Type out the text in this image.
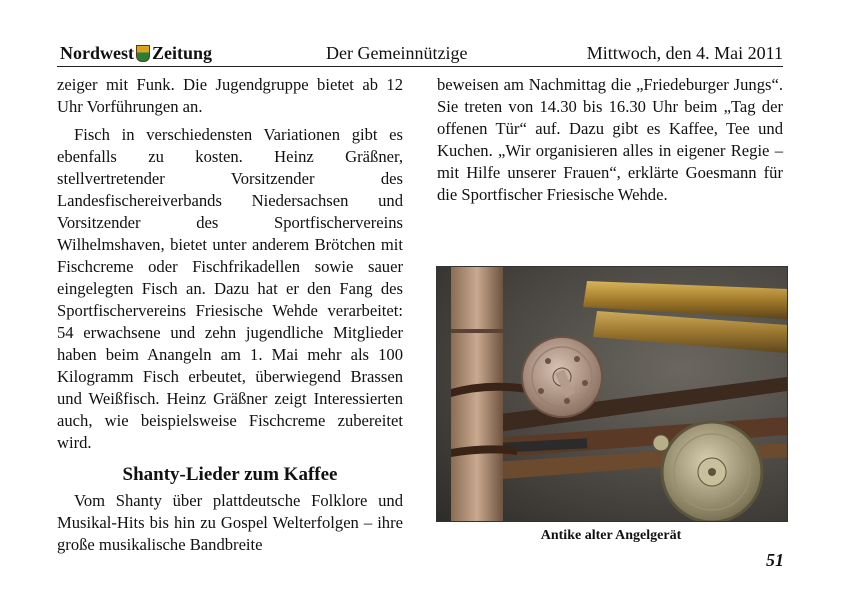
Nordwest Zeitung	Der Gemeinnützige	Mittwoch, den 4. Mai 2011

zeiger mit Funk. Die Jugendgruppe bietet ab 12 Uhr Vorführungen an.

Fisch in verschiedensten Variationen gibt es ebenfalls zu kosten. Heinz Gräßner, stellvertretender Vorsitzender des Landesfischereiverbands Niedersachsen und Vorsitzender des Sportfischervereins Wilhelmshaven, bietet unter anderem Brötchen mit Fischcreme oder Fischfrikadellen sowie sauer eingelegten Fisch an. Dazu hat er den Fang des Sportfischervereins Friesische Wehde verarbeitet: 54 erwachsene und zehn jugendliche Mitglieder haben beim Anangeln am 1. Mai mehr als 100 Kilogramm Fisch erbeutet, überwiegend Brassen und Weißfisch. Heinz Gräßner zeigt Interessierten auch, wie beispielsweise Fischcreme zubereitet wird.

Shanty-Lieder zum Kaffee

Vom Shanty über plattdeutsche Folklore und Musikal-Hits bis hin zu Gospel Welterfolgen – ihre große musikalische Bandbreite

beweisen am Nachmittag die „Friedeburger Jungs“. Sie treten von 14.30 bis 16.30 Uhr beim „Tag der offenen Tür“ auf. Dazu gibt es Kaffee, Tee und Kuchen. „Wir organisieren alles in eigener Regie – mit Hilfe unserer Frauen“, erklärte Goesmann für die Sportfischer Friesische Wehde.

Antike alter Angelgerät
51
